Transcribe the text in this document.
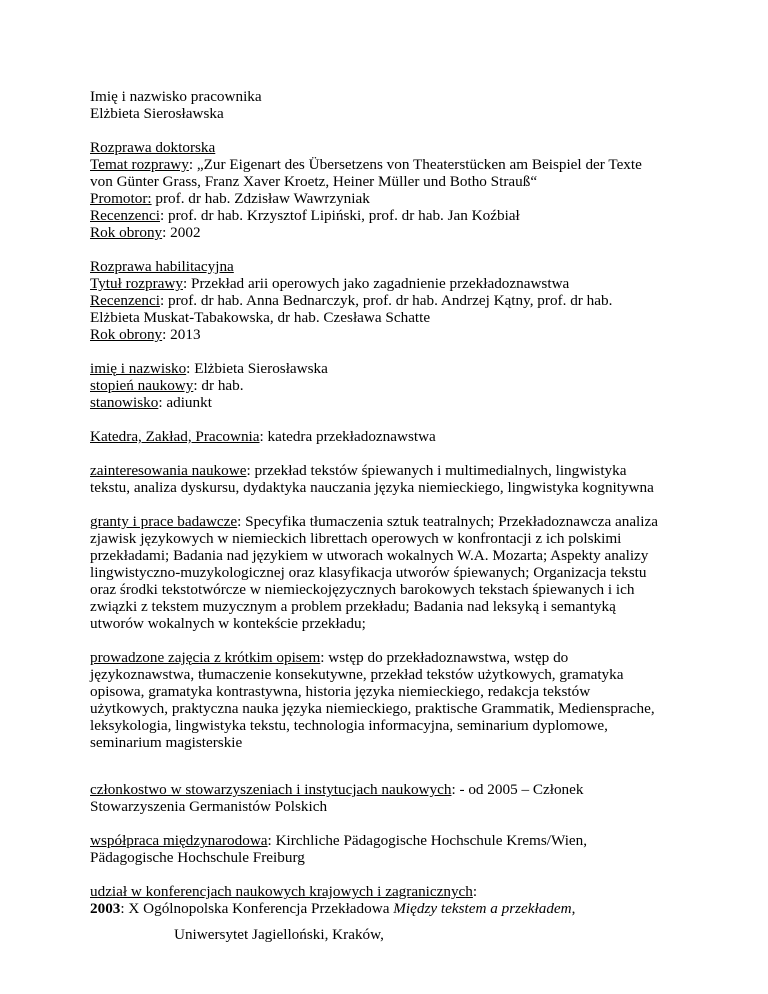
Imię i nazwisko pracownika
Elżbieta Sierosławska
Rozprawa doktorska
Temat rozprawy: „Zur Eigenart des Übersetzens von Theaterstücken am Beispiel der Texte
von Günter Grass, Franz Xaver Kroetz, Heiner Müller und Botho Strauß“
Promotor: prof. dr hab. Zdzisław Wawrzyniak
Recenzenci: prof. dr hab. Krzysztof Lipiński, prof. dr hab. Jan Koźbiał
Rok obrony: 2002
Rozprawa habilitacyjna
Tytuł rozprawy: Przekład arii operowych jako zagadnienie przekładoznawstwa
Recenzenci: prof. dr hab. Anna Bednarczyk, prof. dr hab. Andrzej Kątny, prof. dr hab.
Elżbieta Muskat-Tabakowska, dr hab. Czesława Schatte
Rok obrony: 2013
imię i nazwisko: Elżbieta Sierosławska
stopień naukowy: dr hab.
stanowisko: adiunkt
Katedra, Zakład, Pracownia: katedra przekładoznawstwa
zainteresowania naukowe: przekład tekstów śpiewanych i multimedialnych, lingwistyka
tekstu, analiza dyskursu, dydaktyka nauczania języka niemieckiego, lingwistyka kognitywna
granty i prace badawcze: Specyfika tłumaczenia sztuk teatralnych; Przekładoznawcza analiza
zjawisk językowych w niemieckich librettach operowych w konfrontacji z ich polskimi
przekładami; Badania nad językiem w utworach wokalnych W.A. Mozarta; Aspekty analizy
lingwistyczno-muzykologicznej oraz klasyfikacja utworów śpiewanych; Organizacja tekstu
oraz środki tekstotwórcze w niemieckojęzycznych barokowych tekstach śpiewanych i ich
związki z tekstem muzycznym a problem przekładu; Badania nad leksyką i semantyką
utworów wokalnych w kontekście przekładu;
prowadzone zajęcia z krótkim opisem: wstęp do przekładoznawstwa, wstęp do
językoznawstwa, tłumaczenie konsekutywne, przekład tekstów użytkowych, gramatyka
opisowa, gramatyka kontrastywna, historia języka niemieckiego, redakcja tekstów
użytkowych, praktyczna nauka języka niemieckiego, praktische Grammatik, Mediensprache,
leksykologia, lingwistyka tekstu, technologia informacyjna, seminarium dyplomowe,
seminarium magisterskie
członkostwo w stowarzyszeniach i instytucjach naukowych: - od 2005 – Członek
Stowarzyszenia Germanistów Polskich
współpraca międzynarodowa: Kirchliche Pädagogische Hochschule Krems/Wien,
Pädagogische Hochschule Freiburg
udział w konferencjach naukowych krajowych i zagranicznych:
2003: X Ogólnopolska Konferencja Przekładowa Między tekstem a przekładem,
Uniwersytet Jagielloński, Kraków,
